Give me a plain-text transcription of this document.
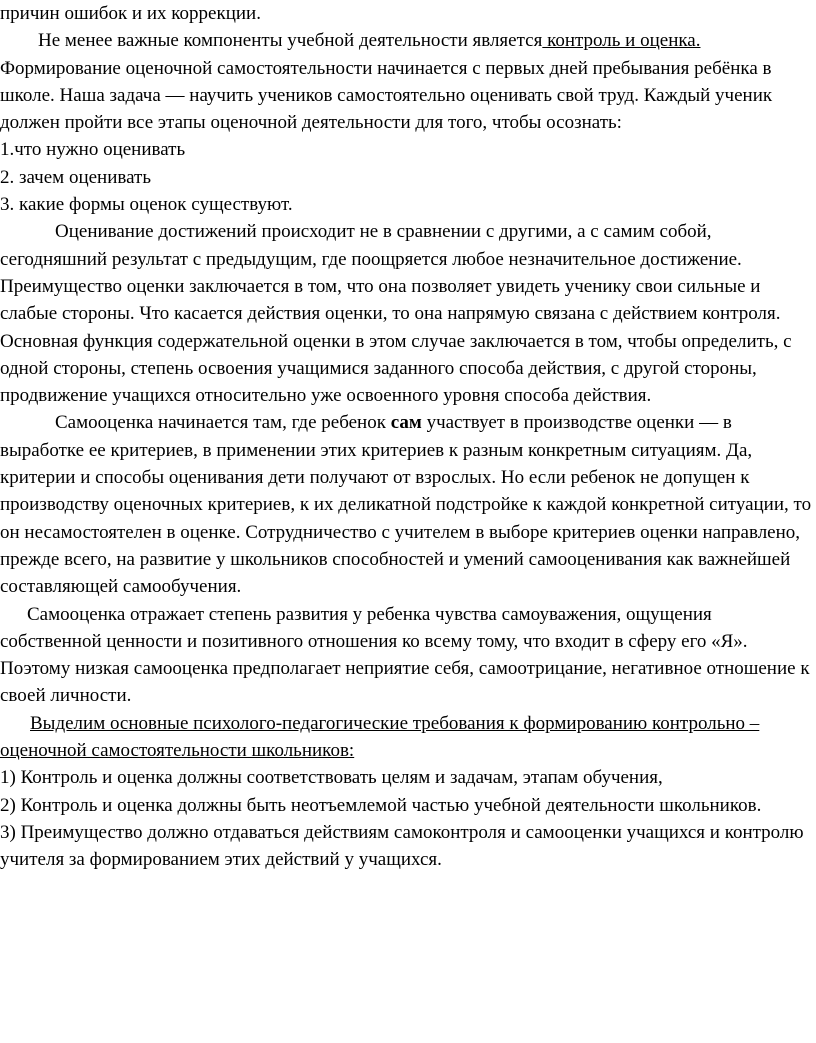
причин ошибок и их коррекции.

Не менее важные компоненты учебной деятельности является контроль и оценка. Формирование оценочной самостоятельности начинается с первых дней пребывания ребёнка в школе. Наша задача — научить учеников самостоятельно оценивать свой труд. Каждый ученик должен пройти все этапы оценочной деятельности для того, чтобы осознать:

1.что нужно оценивать

2. зачем оценивать

3. какие формы оценок существуют.

Оценивание достижений происходит не в сравнении с другими, а с самим собой, сегодняшний результат с предыдущим, где поощряется любое незначительное достижение. Преимущество оценки заключается в том, что она позволяет увидеть ученику свои сильные и слабые стороны. Что касается действия оценки, то она напрямую связана с действием контроля. Основная функция содержательной оценки в этом случае заключается в том, чтобы определить, с одной стороны, степень освоения учащимися заданного способа действия, с другой стороны, продвижение учащихся относительно уже освоенного уровня способа действия.

Самооценка начинается там, где ребенок сам участвует в производстве оценки — в выработке ее критериев, в применении этих критериев к разным конкретным ситуациям. Да, критерии и способы оценивания дети получают от взрослых. Но если ребенок не допущен к производству оценочных критериев, к их деликатной подстройке к каждой конкретной ситуации, то он несамостоятелен в оценке. Сотрудничество с учителем в выборе критериев оценки направлено, прежде всего, на развитие у школьников способностей и умений самооценивания как важнейшей составляющей самообучения.

Самооценка отражает степень развития у ребенка чувства самоуважения, ощущения собственной ценности и позитивного отношения ко всему тому, что входит в сферу его «Я». Поэтому низкая самооценка предполагает неприятие себя, самоотрицание, негативное отношение к своей личности.

Выделим основные психолого-педагогические требования к формированию контрольно – оценочной самостоятельности школьников:

1) Контроль и оценка должны соответствовать целям и задачам, этапам обучения,

2) Контроль и оценка должны быть неотъемлемой частью учебной деятельности школьников.

3) Преимущество должно отдаваться действиям самоконтроля и самооценки учащихся и контролю учителя за формированием этих действий у учащихся.
